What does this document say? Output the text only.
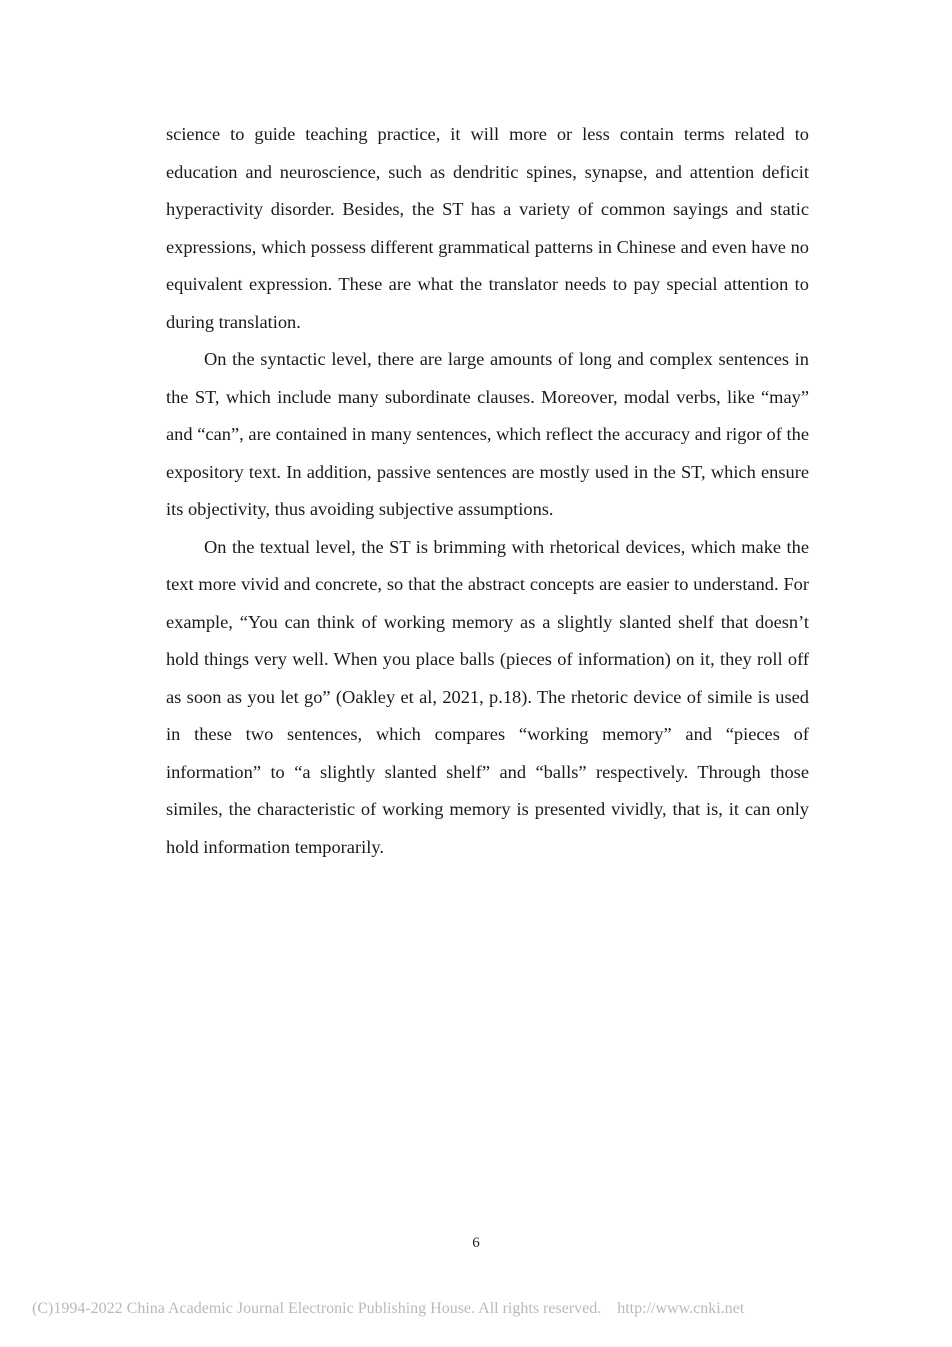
science to guide teaching practice, it will more or less contain terms related to education and neuroscience, such as dendritic spines, synapse, and attention deficit hyperactivity disorder. Besides, the ST has a variety of common sayings and static expressions, which possess different grammatical patterns in Chinese and even have no equivalent expression. These are what the translator needs to pay special attention to during translation.

On the syntactic level, there are large amounts of long and complex sentences in the ST, which include many subordinate clauses. Moreover, modal verbs, like “may” and “can”, are contained in many sentences, which reflect the accuracy and rigor of the expository text. In addition, passive sentences are mostly used in the ST, which ensure its objectivity, thus avoiding subjective assumptions.

On the textual level, the ST is brimming with rhetorical devices, which make the text more vivid and concrete, so that the abstract concepts are easier to understand. For example, “You can think of working memory as a slightly slanted shelf that doesn’t hold things very well. When you place balls (pieces of information) on it, they roll off as soon as you let go” (Oakley et al, 2021, p.18). The rhetoric device of simile is used in these two sentences, which compares “working memory” and “pieces of information” to “a slightly slanted shelf” and “balls” respectively. Through those similes, the characteristic of working memory is presented vividly, that is, it can only hold information temporarily.

6
(C)1994-2022 China Academic Journal Electronic Publishing House. All rights reserved. http://www.cnki.net
